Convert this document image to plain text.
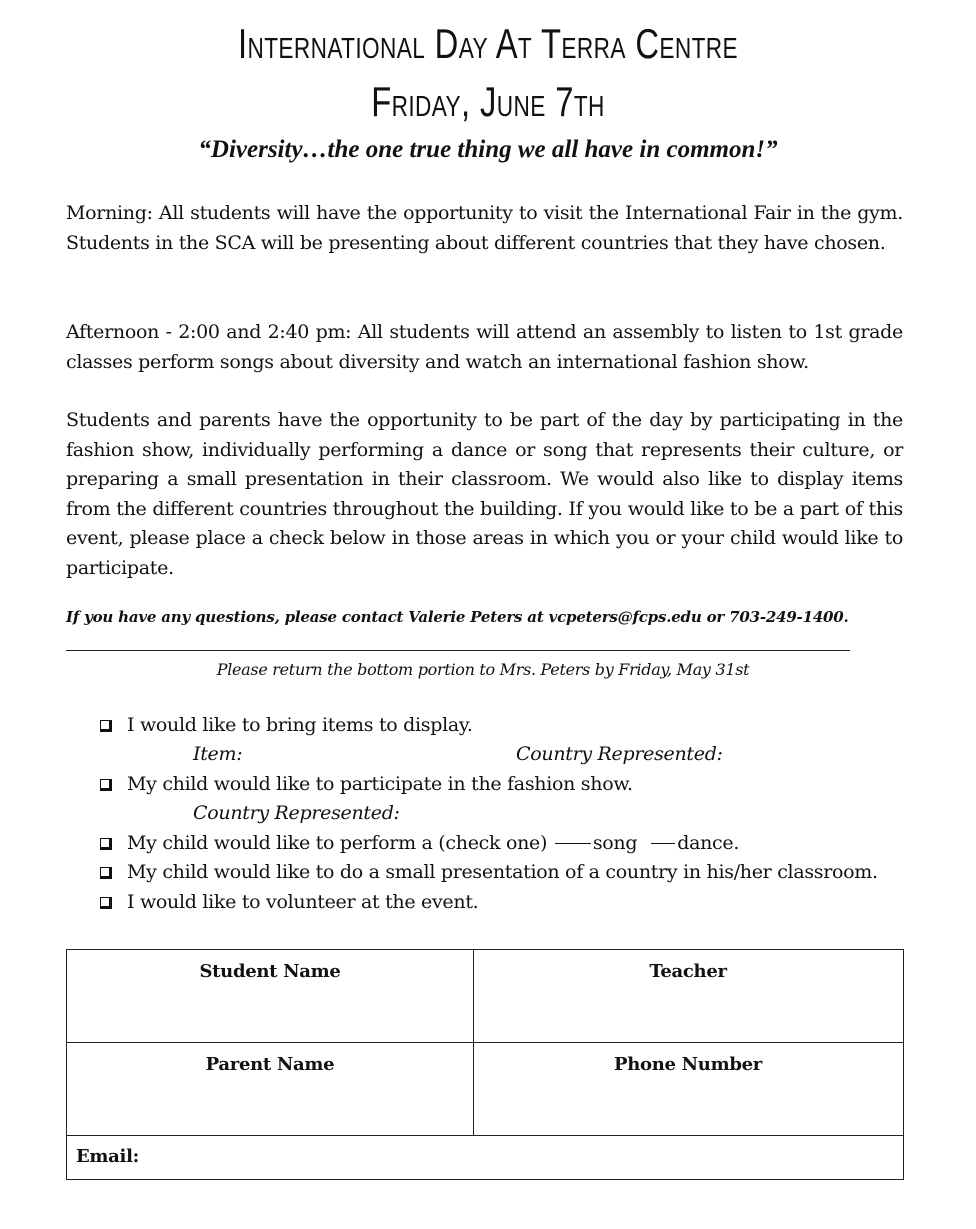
International Day At Terra Centre
Friday, June 7th
“Diversity…the one true thing we all have in common!”

Morning: All students will have the opportunity to visit the International Fair in the gym. Students in the SCA will be presenting about different countries that they have chosen.

Afternoon - 2:00 and 2:40 pm: All students will attend an assembly to listen to 1st grade classes perform songs about diversity and watch an international fashion show.

Students and parents have the opportunity to be part of the day by participating in the fashion show, individually performing a dance or song that represents their culture, or preparing a small presentation in their classroom. We would also like to display items from the different countries throughout the building. If you would like to be a part of this event, please place a check below in those areas in which you or your child would like to participate.

If you have any questions, please contact Valerie Peters at vcpeters@fcps.edu or 703-249-1400.
Please return the bottom portion to Mrs. Peters by Friday, May 31st
I would like to bring items to display.
Item:	Country Represented:
My child would like to participate in the fashion show.
Country Represented:
My child would like to perform a (check one) song dance.
My child would like to do a small presentation of a country in his/her classroom.
I would like to volunteer at the event.
Student Name	Teacher
Parent Name	Phone Number
Email:
